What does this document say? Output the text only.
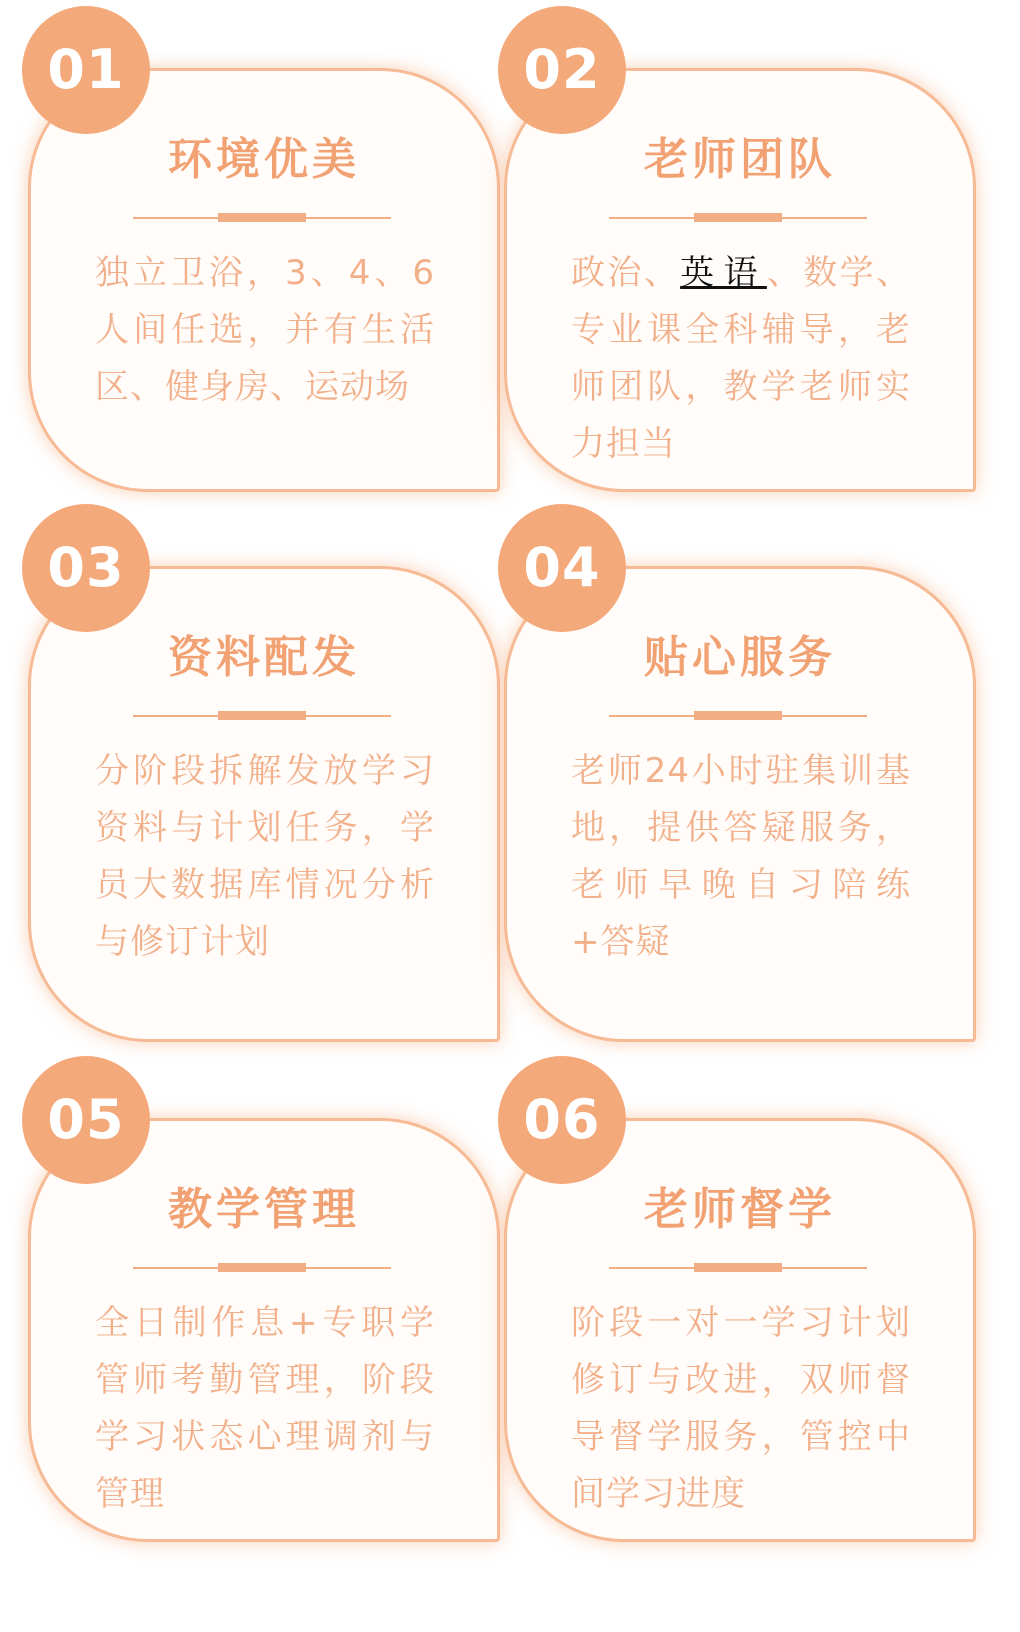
环境优美
独立卫浴，3、4、6人间任选，并有生活区、健身房、运动场
01
老师团队
政治、英语、数学、专业课全科辅导，老师团队，教学老师实力担当
02
资料配发
分阶段拆解发放学习资料与计划任务，学员大数据库情况分析与修订计划
03
贴心服务
老师24小时驻集训基地，提供答疑服务，老师早晚自习陪练+答疑
04
教学管理
全日制作息+专职学管师考勤管理，阶段学习状态心理调剂与管理
05
老师督学
阶段一对一学习计划修订与改进，双师督导督学服务，管控中间学习进度
06
